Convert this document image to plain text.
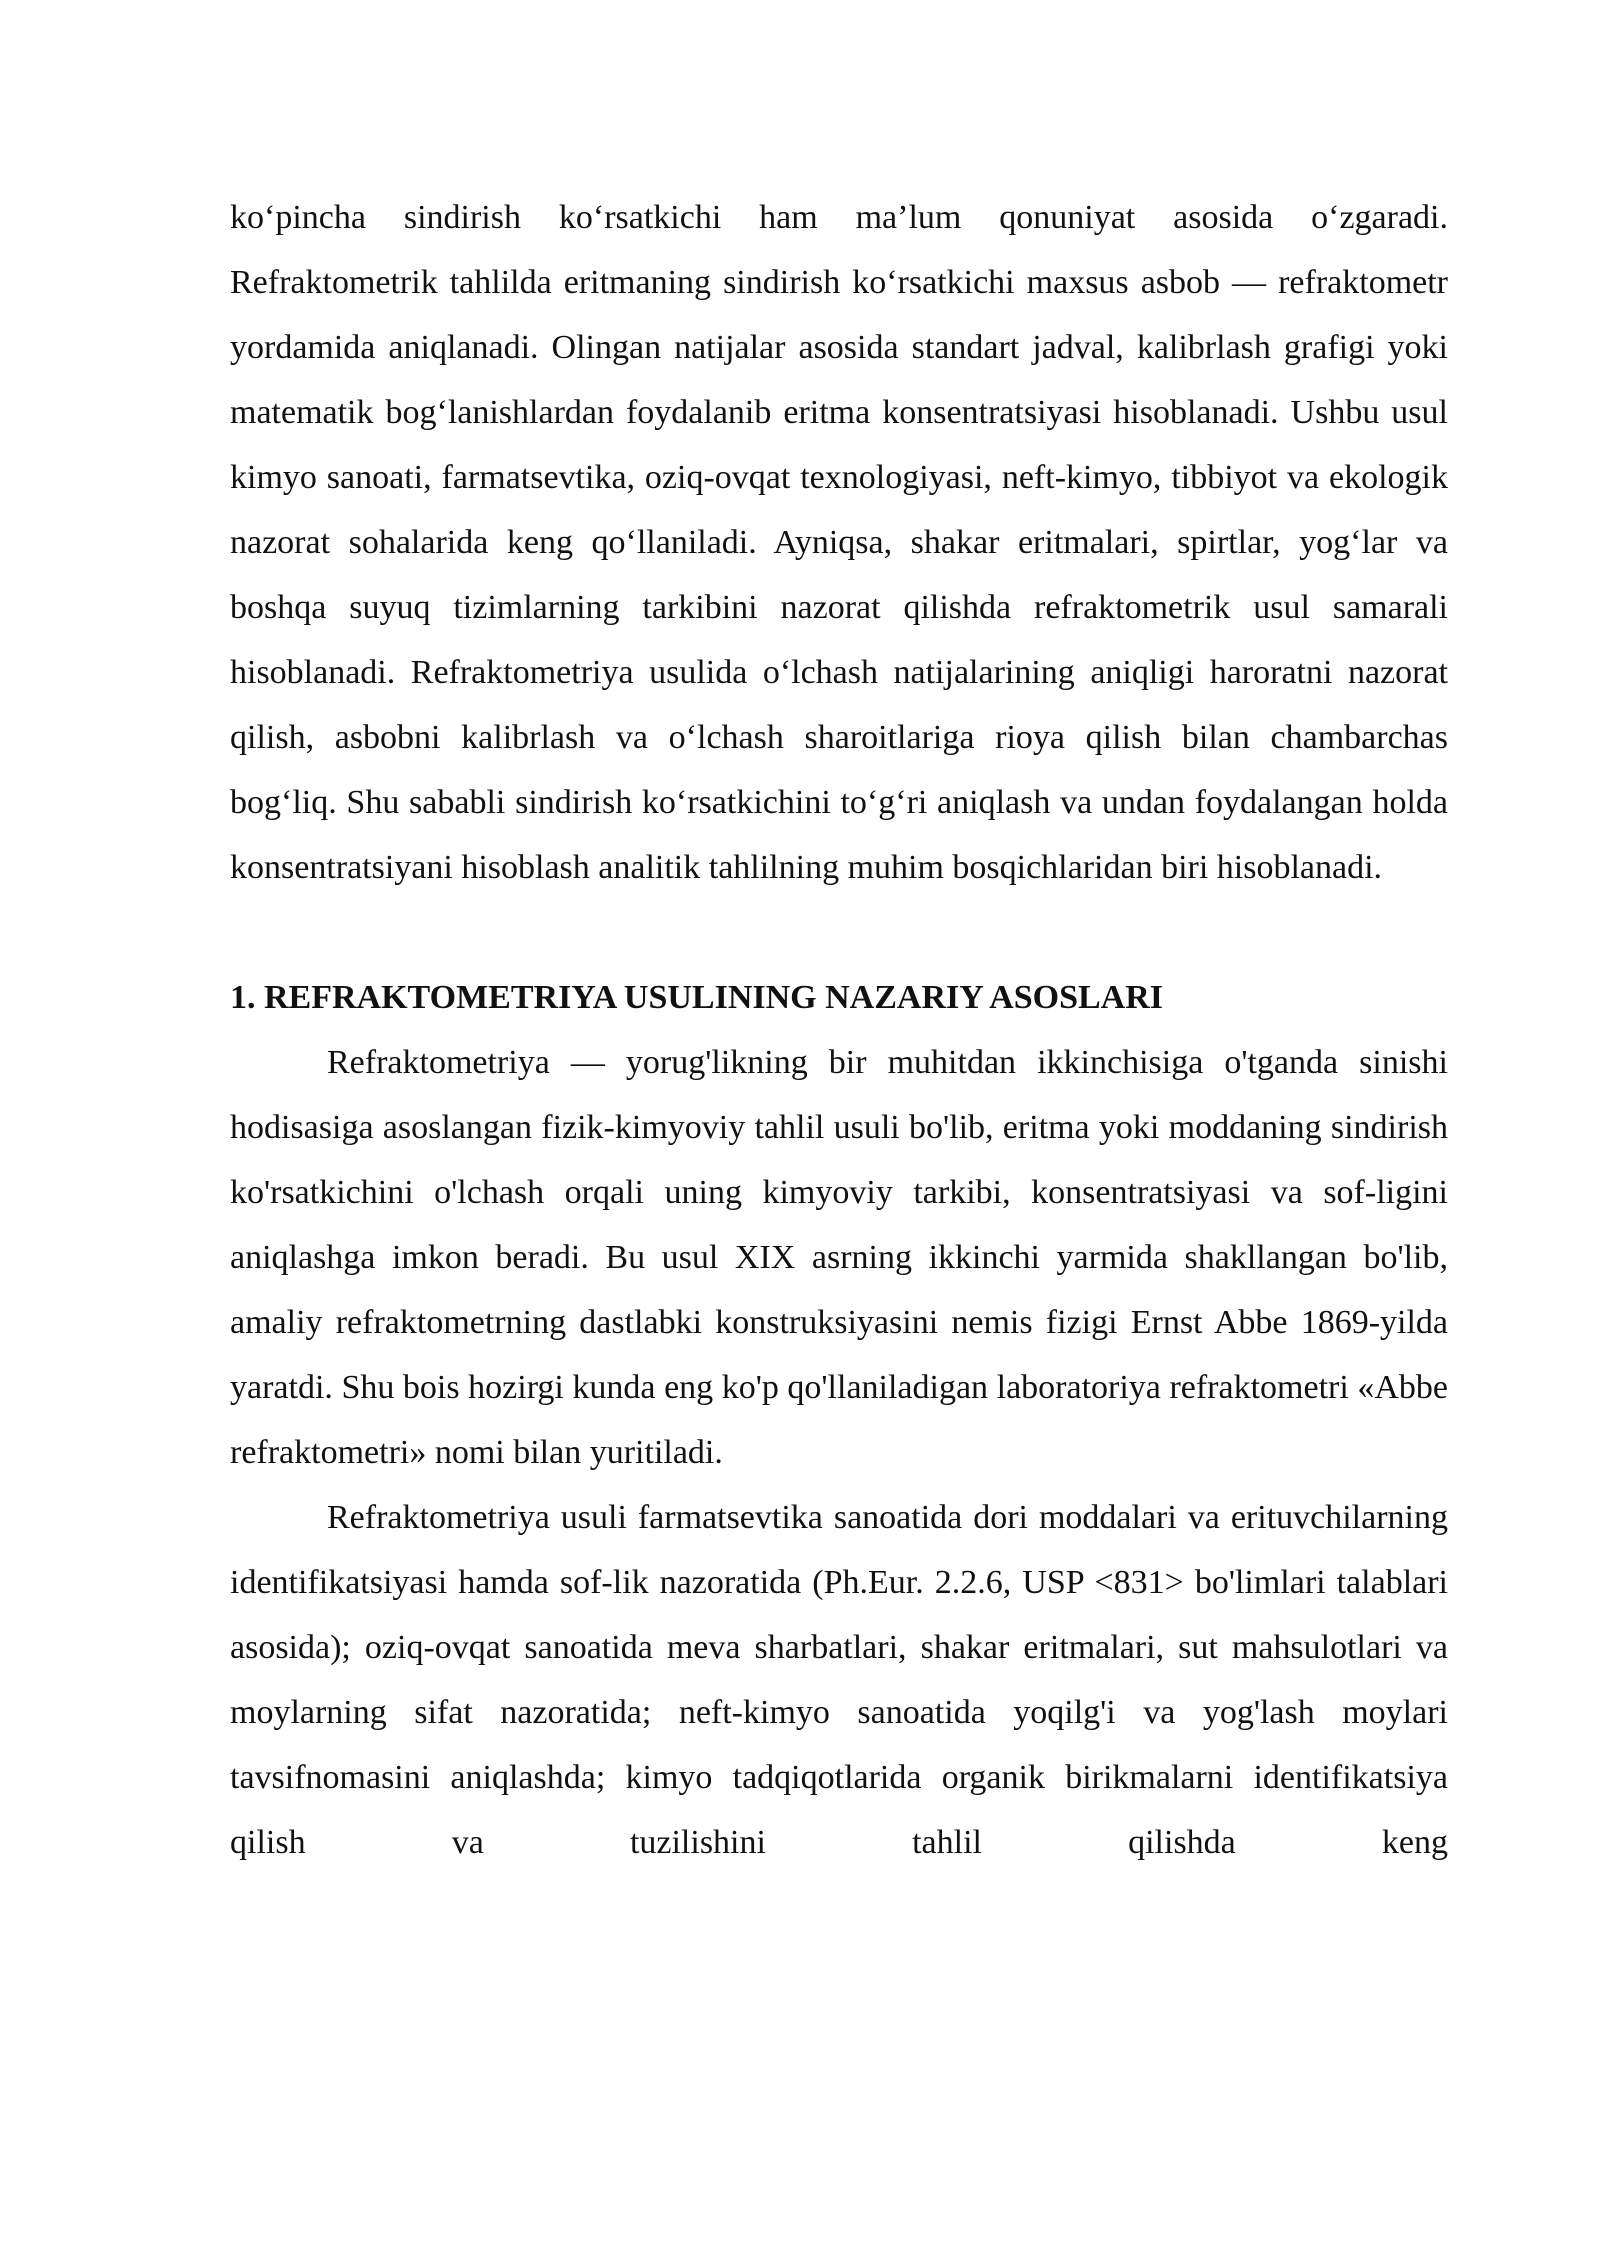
ko‘pincha sindirish ko‘rsatkichi ham ma’lum qonuniyat asosida o‘zgaradi. Refraktometrik tahlilda eritmaning sindirish ko‘rsatkichi maxsus asbob — refraktometr yordamida aniqlanadi. Olingan natijalar asosida standart jadval, kalibrlash grafigi yoki matematik bog‘lanishlardan foydalanib eritma konsentratsiyasi hisoblanadi. Ushbu usul kimyo sanoati, farmatsevtika, oziq-ovqat texnologiyasi, neft-kimyo, tibbiyot va ekologik nazorat sohalarida keng qo‘llaniladi. Ayniqsa, shakar eritmalari, spirtlar, yog‘lar va boshqa suyuq tizimlarning tarkibini nazorat qilishda refraktometrik usul samarali hisoblanadi. Refraktometriya usulida o‘lchash natijalarining aniqligi haroratni nazorat qilish, asbobni kalibrlash va o‘lchash sharoitlariga rioya qilish bilan chambarchas bog‘liq. Shu sababli sindirish ko‘rsatkichini to‘g‘ri aniqlash va undan foydalangan holda konsentratsiyani hisoblash analitik tahlilning muhim bosqichlaridan biri hisoblanadi.

1. REFRAKTOMETRIYA USULINING NAZARIY ASOSLARI

Refraktometriya — yorug'likning bir muhitdan ikkinchisiga o'tganda sinishi hodisasiga asoslangan fizik-kimyoviy tahlil usuli bo'lib, eritma yoki moddaning sindirish ko'rsatkichini o'lchash orqali uning kimyoviy tarkibi, konsentratsiyasi va sof-ligini aniqlashga imkon beradi. Bu usul XIX asrning ikkinchi yarmida shakllangan bo'lib, amaliy refraktometrning dastlabki konstruksiyasini nemis fizigi Ernst Abbe 1869-yilda yaratdi. Shu bois hozirgi kunda eng ko'p qo'llaniladigan laboratoriya refraktometri «Abbe refraktometri» nomi bilan yuritiladi.

Refraktometriya usuli farmatsevtika sanoatida dori moddalari va erituvchilarning identifikatsiyasi hamda sof-lik nazoratida (Ph.Eur. 2.2.6, USP <831> bo'limlari talablari asosida); oziq-ovqat sanoatida meva sharbatlari, shakar eritmalari, sut mahsulotlari va moylarning sifat nazoratida; neft-kimyo sanoatida yoqilg'i va yog'lash moylari tavsifnomasini aniqlashda; kimyo tadqiqotlarida organik birikmalarni identifikatsiya qilish va tuzilishini tahlil qilishda keng
